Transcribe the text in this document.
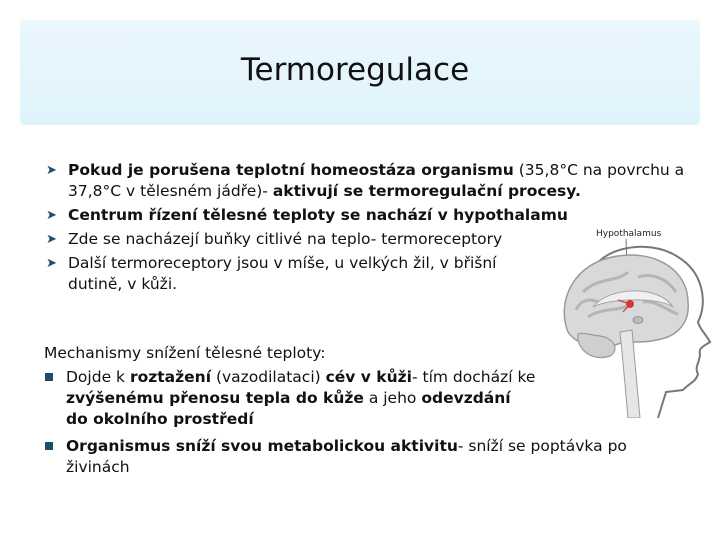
Termoregulace
➤ Pokud je porušena teplotní homeostáza organismu (35,8°C na povrchu a 37,8°C v tělesném jádře)- aktivují se termoregulační procesy.
➤ Centrum řízení tělesné teploty se nachází v hypothalamu
➤ Zde se nacházejí buňky citlivé na teplo- termoreceptory
➤ Další termoreceptory jsou v míše, u velkých žil, v břišní dutině, v kůži.

Mechanismy snížení tělesné teploty:

Dojde k roztažení (vazodilataci) cév v kůži- tím dochází ke zvýšenému přenosu tepla do kůže a jeho odevzdání do okolního prostředí
Organismus sníží svou metabolickou aktivitu- sníží se poptávka po živinách
Hypothalamus
